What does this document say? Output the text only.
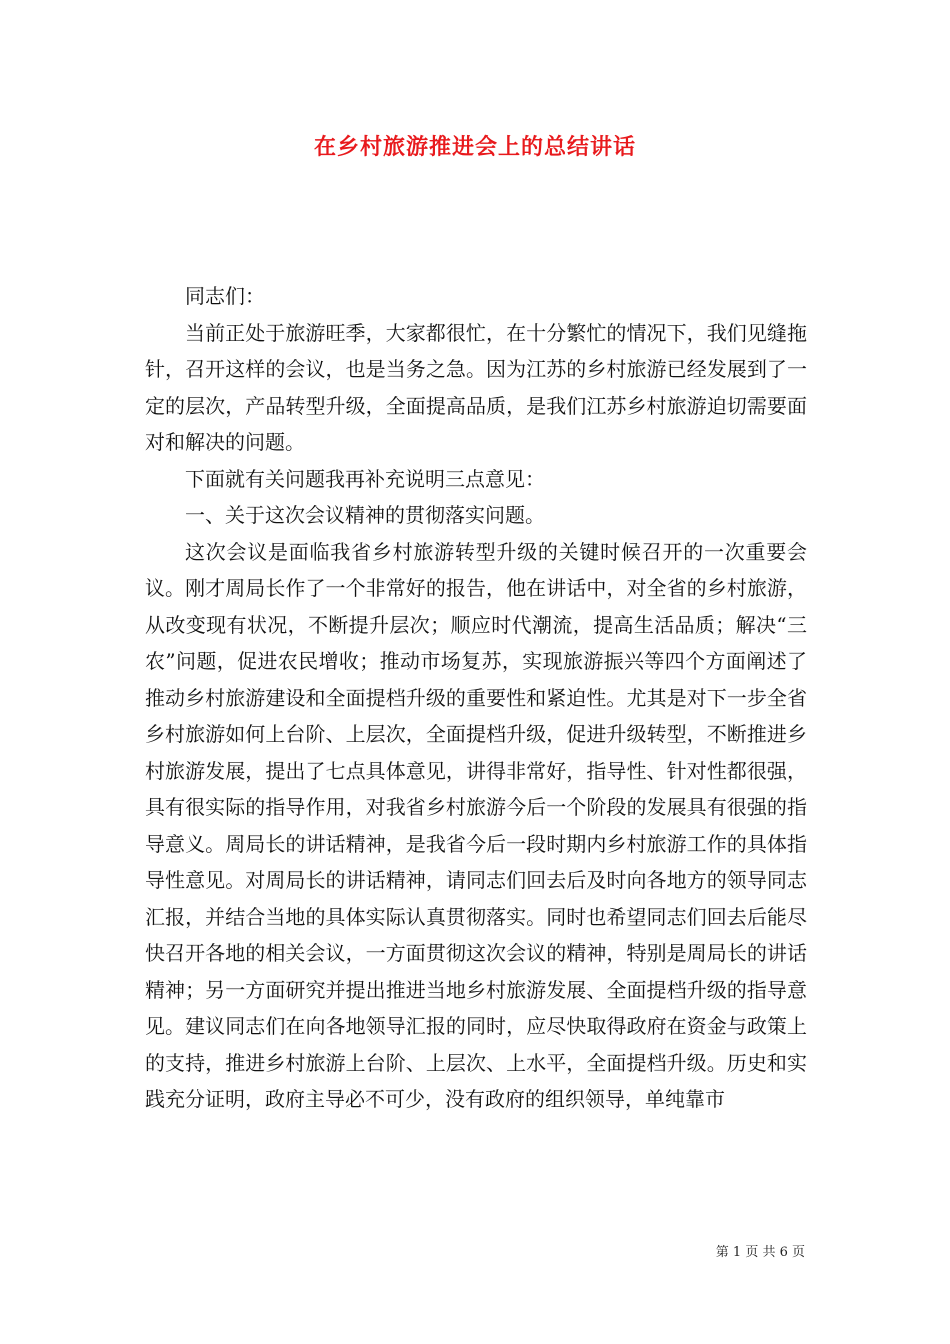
在乡村旅游推进会上的总结讲话

同志们：

当前正处于旅游旺季，大家都很忙，在十分繁忙的情况下，我们见缝拖针，召开这样的会议，也是当务之急。因为江苏的乡村旅游已经发展到了一定的层次，产品转型升级，全面提高品质，是我们江苏乡村旅游迫切需要面对和解决的问题。

下面就有关问题我再补充说明三点意见：

一、关于这次会议精神的贯彻落实问题。

这次会议是面临我省乡村旅游转型升级的关键时候召开的一次重要会议。刚才周局长作了一个非常好的报告，他在讲话中，对全省的乡村旅游，从改变现有状况，不断提升层次；顺应时代潮流，提高生活品质；解决“三农”问题，促进农民增收；推动市场复苏，实现旅游振兴等四个方面阐述了推动乡村旅游建设和全面提档升级的重要性和紧迫性。尤其是对下一步全省乡村旅游如何上台阶、上层次，全面提档升级，促进升级转型，不断推进乡村旅游发展，提出了七点具体意见，讲得非常好，指导性、针对性都很强，具有很实际的指导作用，对我省乡村旅游今后一个阶段的发展具有很强的指导意义。周局长的讲话精神，是我省今后一段时期内乡村旅游工作的具体指导性意见。对周局长的讲话精神，请同志们回去后及时向各地方的领导同志汇报，并结合当地的具体实际认真贯彻落实。同时也希望同志们回去后能尽快召开各地的相关会议，一方面贯彻这次会议的精神，特别是周局长的讲话精神；另一方面研究并提出推进当地乡村旅游发展、全面提档升级的指导意见。建议同志们在向各地领导汇报的同时，应尽快取得政府在资金与政策上的支持，推进乡村旅游上台阶、上层次、上水平，全面提档升级。历史和实践充分证明，政府主导必不可少，没有政府的组织领导，单纯靠市

第 1 页 共 6 页
